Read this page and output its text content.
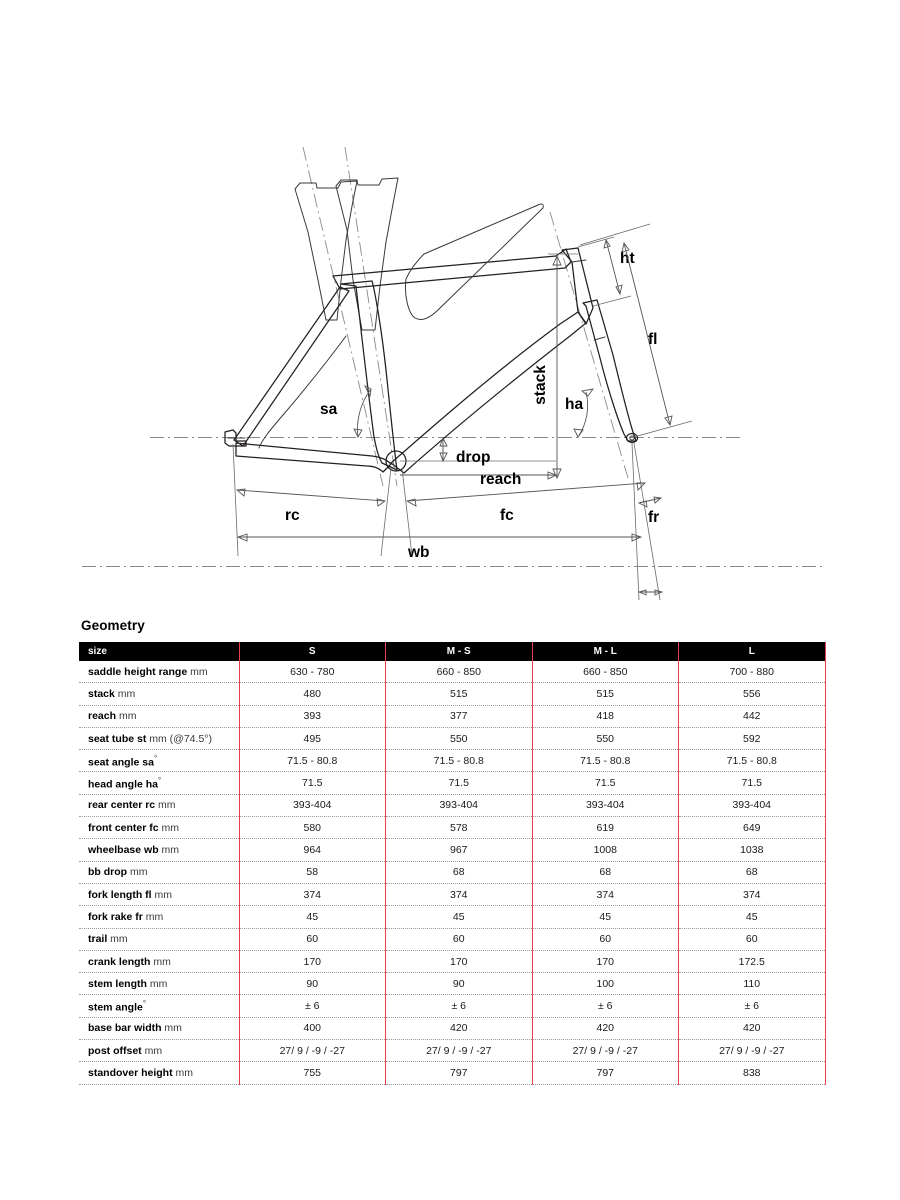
ht
fl
stack ha
sa
drop
reach
rc	fc	fr
wb
Geometry
size	S	M - S	M - L	L
saddle height range mm	630 - 780	660 - 850	660 - 850	700 - 880
stack mm	480	515	515	556
reach mm	393	377	418	442
seat tube st mm (@74.5°)	495	550	550	592
seat angle sa°	71.5 - 80.8	71.5 - 80.8	71.5 - 80.8	71.5 - 80.8
head angle ha°	71.5	71.5	71.5	71.5
rear center rc mm	393-404	393-404	393-404	393-404
front center fc mm	580	578	619	649
wheelbase wb mm	964	967	1008	1038
bb drop mm	58	68	68	68
fork length fl mm	374	374	374	374
fork rake fr mm	45	45	45	45
trail mm	60	60	60	60
crank length mm	170	170	170	172.5
stem length mm	90	90	100	110
stem angle°	± 6	± 6	± 6	± 6
base bar width mm	400	420	420	420
post offset mm	27/ 9 / -9 / -27	27/ 9 / -9 / -27	27/ 9 / -9 / -27	27/ 9 / -9 / -27
standover height mm	755	797	797	838
